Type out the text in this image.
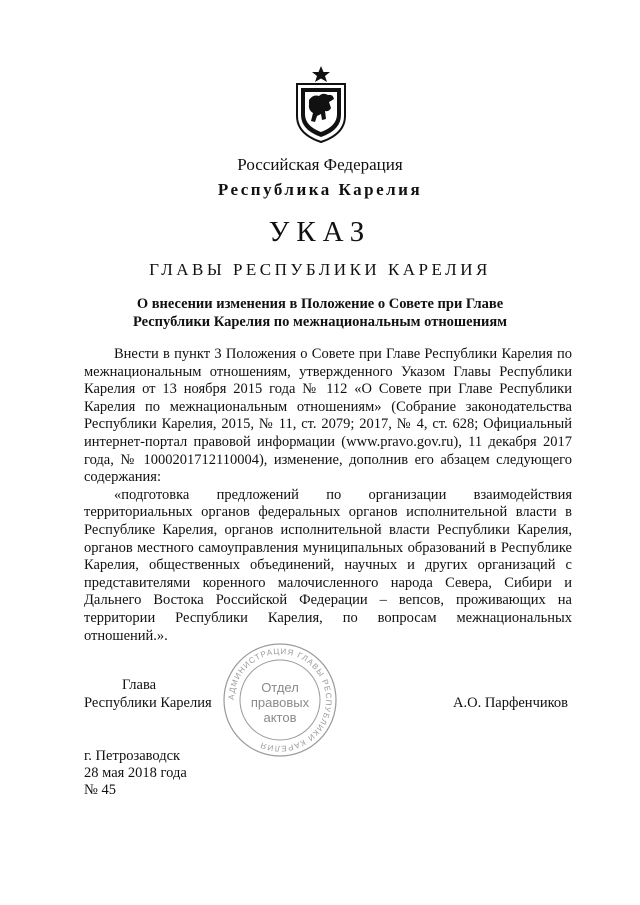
Российская Федерация
Республика Карелия
УКАЗ
ГЛАВЫ РЕСПУБЛИКИ КАРЕЛИЯ
О внесении изменения в Положение о Совете при Главе
Республики Карелия по межнациональным отношениям

Внести в пункт 3 Положения о Совете при Главе Республики Карелия по межнациональным отношениям, утвержденного Указом Главы Республики Карелия от 13 ноября 2015 года № 112 «О Совете при Главе Республики Карелия по межнациональным отношениям» (Собрание законодательства Республики Карелия, 2015, № 11, ст. 2079; 2017, № 4, ст. 628; Официальный интернет-портал правовой информации (www.pravo.gov.ru), 11 декабря 2017 года, № 1000201712110004), изменение, дополнив его абзацем следующего содержания:

«подготовка предложений по организации взаимодействия территориальных органов федеральных органов исполнительной власти в Республике Карелия, органов исполнительной власти Республики Карелия, органов местного самоуправления муниципальных образований в Республике Карелия, общественных объединений, научных и других организаций с представителями коренного малочисленного народа Севера, Сибири и Дальнего Востока Российской Федерации – вепсов, проживающих на территории Республики Карелия, по вопросам межнациональных отношений.».

Глава
Республики Карелия АДМИНИСТРАЦИЯ ГЛАВЫ РЕСПУБЛИКИ КАРЕЛИЯ
Отдел
правовых
актов
А.О. Парфенчиков
г. Петрозаводск
28 мая 2018 года
№ 45
